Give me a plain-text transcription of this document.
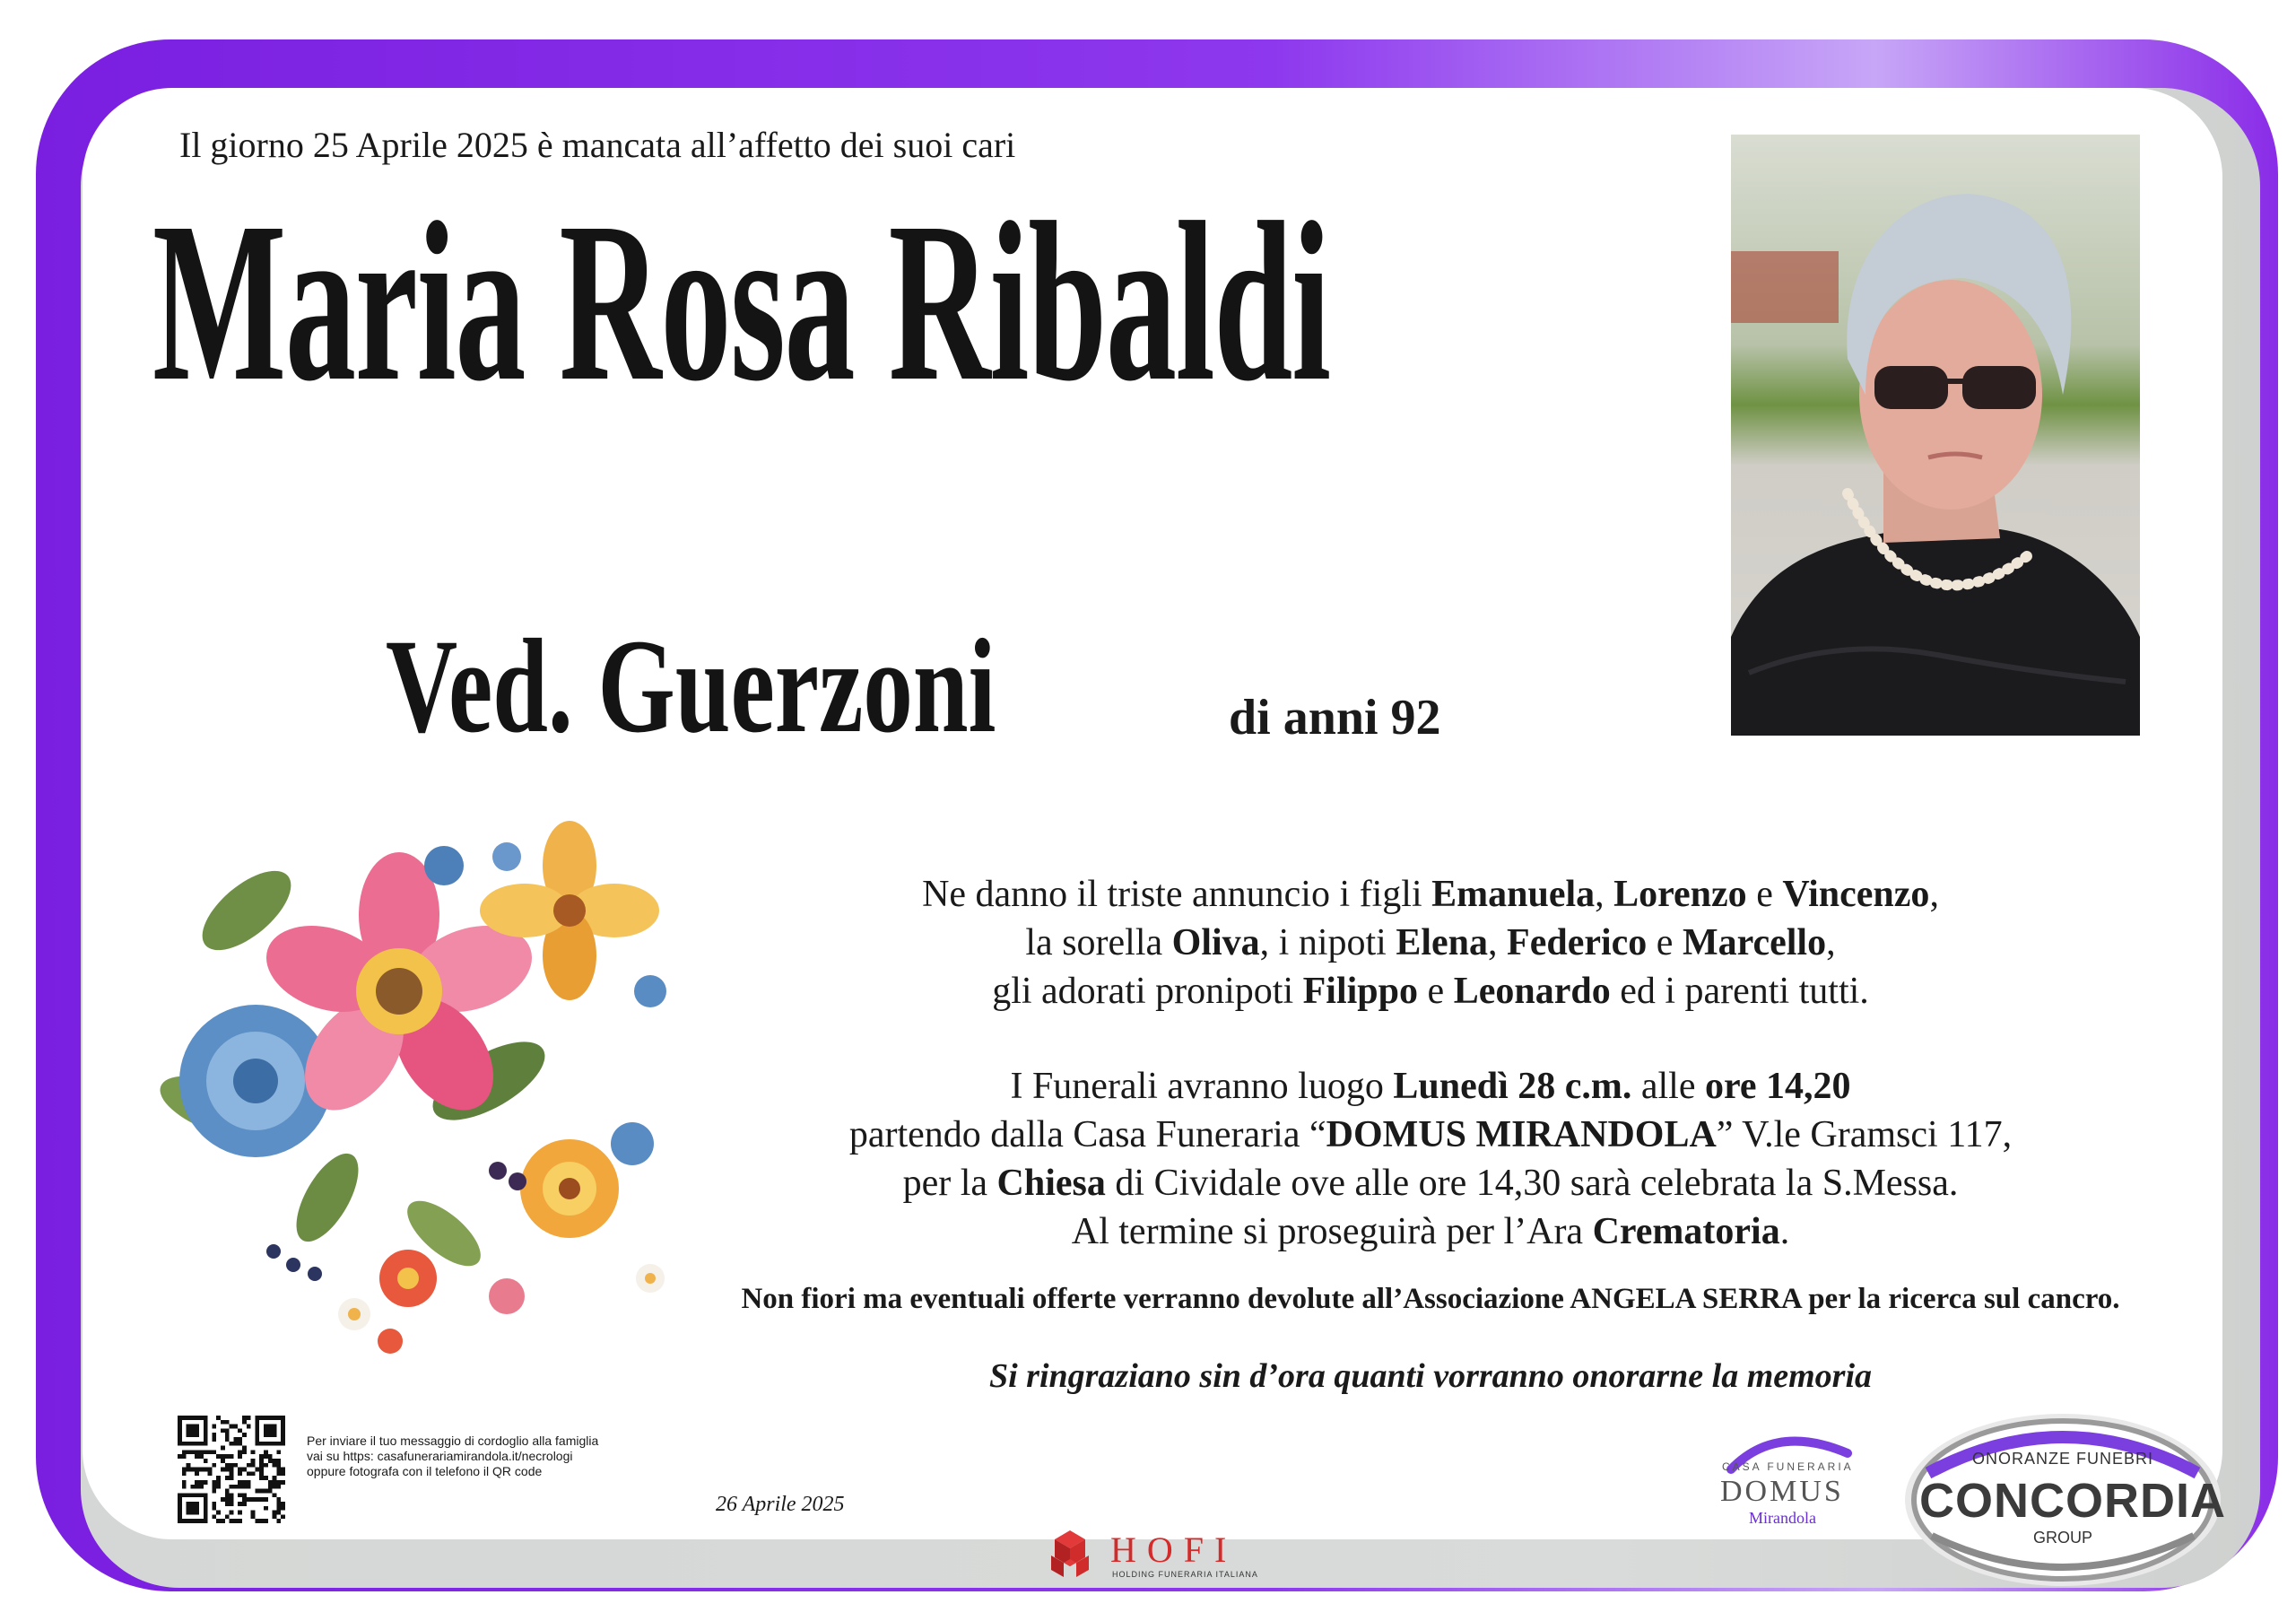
Il giorno 25 Aprile 2025 è mancata all’affetto dei suoi cari
Maria Rosa Ribaldi
Ved. Guerzoni	di anni 92
Ne danno il triste annuncio i figli Emanuela, Lorenzo e Vincenzo,
la sorella Oliva, i nipoti Elena, Federico e Marcello,
gli adorati pronipoti Filippo e Leonardo ed i parenti tutti.
I Funerali avranno luogo Lunedì 28 c.m. alle ore 14,20
partendo dalla Casa Funeraria “DOMUS MIRANDOLA” V.le Gramsci 117,
per la Chiesa di Cividale ove alle ore 14,30 sarà celebrata la S.Messa.
Al termine si proseguirà per l’Ara Crematoria.
Non fiori ma eventuali offerte verranno devolute all’Associazione ANGELA SERRA per la ricerca sul cancro.
Si ringraziano sin d’ora quanti vorranno onorarne la memoria
Per inviare il tuo messaggio di cordoglio alla famiglia
vai su https: casafunerariamirandola.it/necrologi
oppure fotografa con il telefono il QR code
26 Aprile 2025
HOFI
HOLDING FUNERARIA ITALIANA
CASA FUNERARIA
DOMUS
Mirandola
ONORANZE FUNEBRI
CONCORDIA
GROUP
